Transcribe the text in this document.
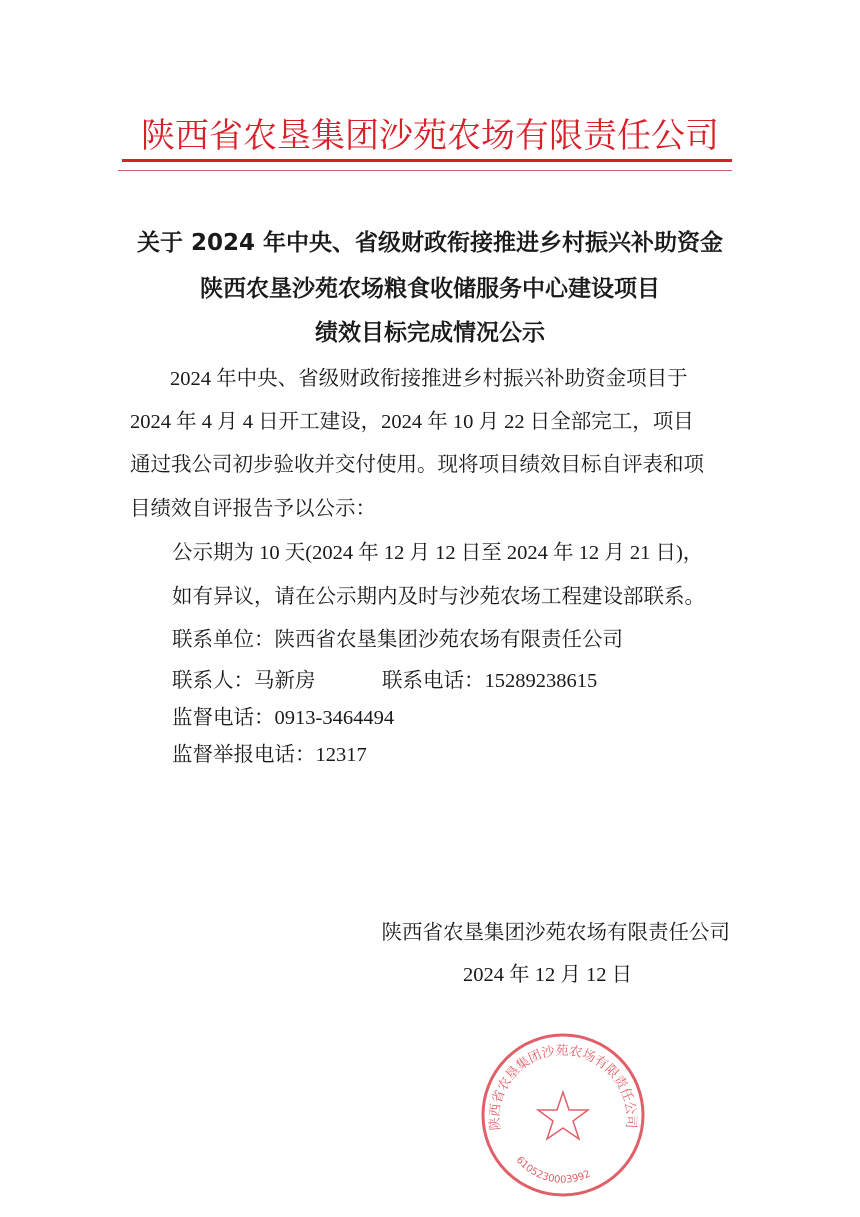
陕西省农垦集团沙苑农场有限责任公司
关于 2024 年中央、省级财政衔接推进乡村振兴补助资金
陕西农垦沙苑农场粮食收储服务中心建设项目
绩效目标完成情况公示
2024 年中央、省级财政衔接推进乡村振兴补助资金项目于
2024 年 4 月 4 日开工建设，2024 年 10 月 22 日全部完工，项目
通过我公司初步验收并交付使用。现将项目绩效目标自评表和项
目绩效自评报告予以公示：
公示期为 10 天(2024 年 12 月 12 日至 2024 年 12 月 21 日)，
如有异议，请在公示期内及时与沙苑农场工程建设部联系。
联系单位：陕西省农垦集团沙苑农场有限责任公司
联系人：马新房	联系电话：15289238615
监督电话：0913-3464494
监督举报电话：12317
陕西省农垦集团沙苑农场有限责任公司
2024 年 12 月 12 日
陕西省农垦集团沙苑农场有限责任公司
6105230003992
